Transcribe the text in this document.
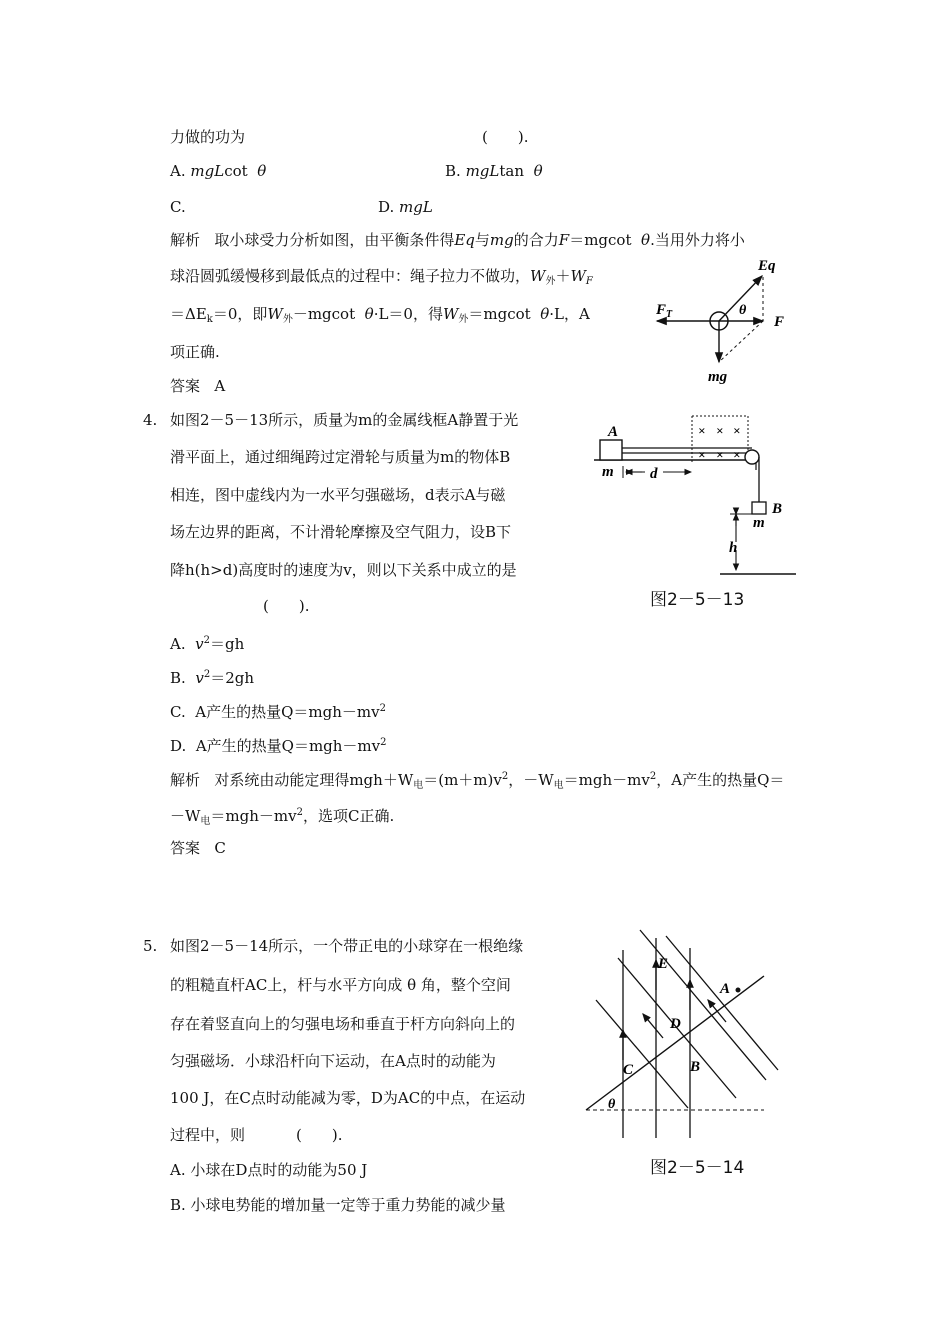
力做的功为	(　　).
A. mgLcot θ	B. mgLtan θ
C.	D. mgL
解析 取小球受力分析如图，由平衡条件得Eq与mg的合力F＝mgcot θ.当用外力将小
球沿圆弧缓慢移到最低点的过程中：绳子拉力不做功，$W_外+W_F$
$=\Delta E_k=0$，即$W_外-mgcot$ θ·L＝0，得$W_外=mgcot$ θ·L，A
项正确.
答案 A
Eq
$F_T$	θ
F
mg
4. 如图2－5－13所示，质量为m的金属线框A静置于光
滑平面上，通过细绳跨过定滑轮与质量为m的物体B
相连，图中虚线内为一水平匀强磁场，d表示A与磁
场左边界的距离，不计滑轮摩擦及空气阻力，设B下
降h(h>d)高度时的速度为v，则以下关系中成立的是
(　　).
A. $v^2=gh$
B. $v^2=2gh$
C. A产生的热量$Q=mgh-mv^2$
D. A产生的热量$Q=mgh-mv^2$
解析 对系统由动能定理得$mgh+W_电=(m+m)v^2$，$-W_电=mgh-mv^2$，A产生的热量Q＝
$-W_电=mgh-mv^2$，选项C正确.
答案 C
× × ×
× × ×
A
m d
B
m
h
图2－5－13
5. 如图2－5－14所示，一个带正电的小球穿在一根绝缘
的粗糙直杆AC上，杆与水平方向成 θ 角，整个空间
存在着竖直向上的匀强电场和垂直于杆方向斜向上的
匀强磁场．小球沿杆向下运动，在A点时的动能为
100 J，在C点时动能减为零，D为AC的中点，在运动
过程中，则	(　　).
A. 小球在D点时的动能为50 J
B. 小球电势能的增加量一定等于重力势能的减少量
E
A
D
C	B
θ
图2－5－14
